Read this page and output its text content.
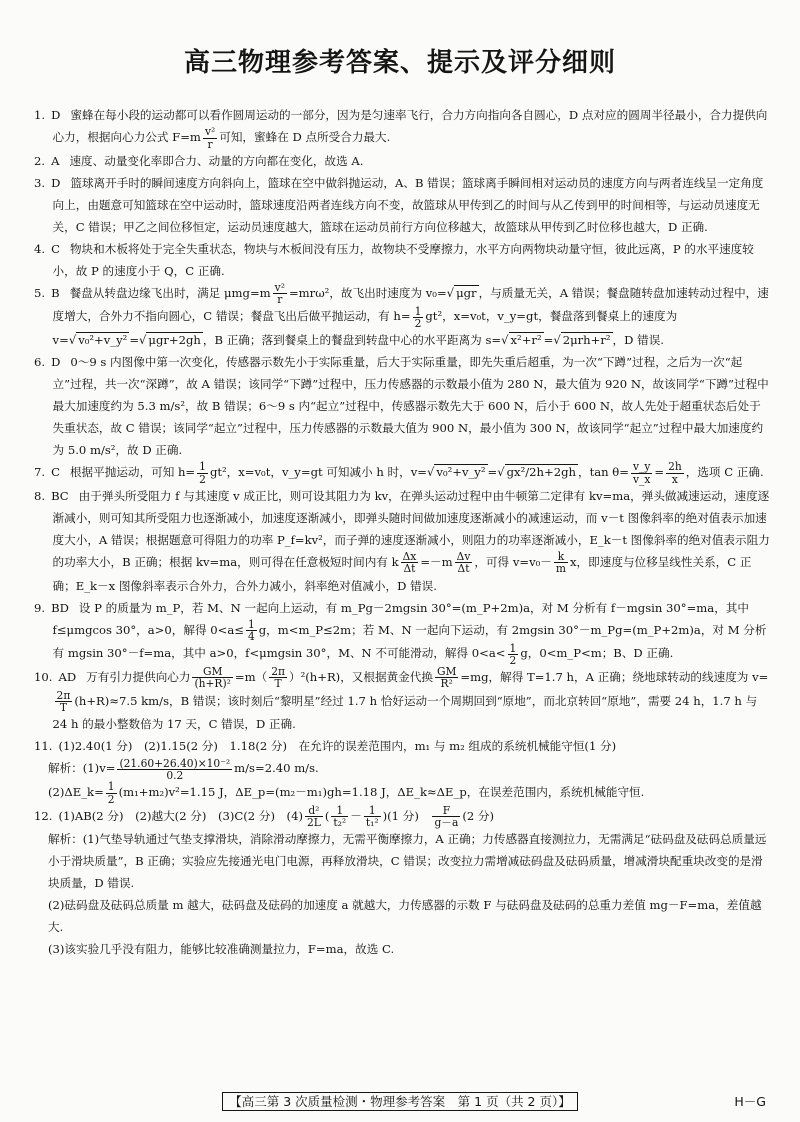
高三物理参考答案、提示及评分细则

1. D 蜜蜂在每小段的运动都可以看作圆周运动的一部分，因为是匀速率飞行，合力方向指向各自圆心，D 点对应的圆周半径最小，合力提供向心力，根据向心力公式 $F=m \frac{\text{v²}}{r}$ 可知，蜜蜂在 D 点所受合力最大.

2. A 速度、动量变化率即合力、动量的方向都在变化，故选 A.

3. D 篮球离开手时的瞬间速度方向斜向上，篮球在空中做斜抛运动，A、B 错误；篮球离手瞬间相对运动员的速度方向与两者连线呈一定角度向上，由题意可知篮球在空中运动时，篮球速度沿两者连线方向不变，故篮球从甲传到乙的时间与从乙传到甲的时间相等，与运动员速度无关，C 错误；甲乙之间位移恒定，运动员速度越大，篮球在运动员前行方向位移越大，故篮球从甲传到乙时位移也越大，D 正确.

4. C 物块和木板将处于完全失重状态，物块与木板间没有压力，故物块不受摩擦力，水平方向两物块动量守恒，彼此远离，P 的水平速度较小，故 P 的速度小于 Q，C 正确.

5. B 餐盘从转盘边缘飞出时，满足 $\mu mg=m \frac{\text{v²}}{r} =mr\omega^2$，故飞出时速度为 v₀=√ μgr ，与质量无关，A 错误；餐盘随转盘加速转动过程中，速度增大，合外力不指向圆心，C 错误；餐盘飞出后做平抛运动，有 $h= \frac{1}{2} gt^2$，x=v₀t，v_y=gt，餐盘落到餐桌上的速度为 v=√ v₀²+v_y² =√ μgr+2gh ，B 正确；落到餐桌上的餐盘到转盘中心的水平距离为 s=√ x²+r² =√ 2μrh+r² ，D 错误.

6. D 0～9 s 内图像中第一次变化，传感器示数先小于实际重量，后大于实际重量，即先失重后超重，为一次“下蹲”过程，之后为一次“起立”过程，共一次“深蹲”，故 A 错误；该同学“下蹲”过程中，压力传感器的示数最小值为 280 N，最大值为 920 N，故该同学“下蹲”过程中最大加速度约为 5.3 m/s²，故 B 错误；6～9 s 内“起立”过程中，传感器示数先大于 600 N，后小于 600 N，故人先处于超重状态后处于失重状态，故 C 错误；该同学“起立”过程中，压力传感器的示数最大值为 900 N，最小值为 300 N，故该同学“起立”过程中最大加速度约为 5.0 m/s²，故 D 正确.

7. C 根据平抛运动，可知 $h= \frac{1}{2} gt^2$，x=v₀t，v_y=gt 可知减小 h 时，v=√ v₀²+v_y² =√ gx²/2h+2gh ，$\tan \theta= \frac{v\_y}{v\_x} = \frac{2h}{x}$ ，选项 C 正确.

8. BC 由于弹头所受阻力 f 与其速度 v 成正比，则可设其阻力为 kv，在弹头运动过程中由牛顿第二定律有 kv=ma，弹头做减速运动，速度逐渐减小，则可知其所受阻力也逐渐减小，加速度逐渐减小，即弹头随时间做加速度逐渐减小的减速运动，而 v－t 图像斜率的绝对值表示加速度大小，A 错误；根据题意可得阻力的功率 P_f=kv²，而子弹的速度逐渐减小，则阻力的功率逐渐减小，E_k－t 图像斜率的绝对值表示阻力的功率大小，B 正确；根据 kv=ma，则可得在任意极短时间内有 k $\frac{\Delta x}{\Delta t} =-m \frac{\Delta v}{\Delta t}$ ，可得 $v=v_0- \frac{k}{m}$ x，即速度与位移呈线性关系，C 正确；E_k－x 图像斜率表示合外力，合外力减小，斜率绝对值减小，D 错误.

9. BD 设 P 的质量为 m_P，若 M、N 一起向上运动，有 m_Pg－2mgsin 30°=(m_P+2m)a，对 M 分析有 f－mgsin 30°=ma，其中 f≤μmgcos 30°，a>0，解得 $0<a\le \frac{1}{4}$ g，m<m_P≤2m；若 M、N 一起向下运动，有 2mgsin 30°－m_Pg=(m_P+2m)a，对 M 分析有 mgsin 30°－f=ma，其中 a>0，f<μmgsin 30°，M、N 不可能滑动，解得 $0<a< \frac{1}{2}$ g，0<m_P<m；B、D 正确.

10. AD 万有引力提供向心力 $\frac{GM}{\text{(h+R)²}} =m( \frac{2\pi}{T} )^2(h+R)$，又根据黄金代换 $\frac{GM}{\text{R²}} =mg$，解得 T=1.7 h，A 正确；绕地球转动的线速度为 v=
$\frac{2\pi}{T} (h+R)\approx 7.5$ km/s，B 错误；该时刻后“黎明星”经过 1.7 h 恰好运动一个周期回到“原地”，而北京转回“原地”，需要 24 h，1.7 h 与 24 h 的最小整数倍为 17 天，C 错误，D 正确.

11. (1)2.40(1 分)　(2)1.15(2 分)　1.18(2 分)　在允许的误差范围内，m₁ 与 m₂ 组成的系统机械能守恒(1 分)

解析：$(1)v= \frac{\text{(21.60+26.40)×10⁻²}}{0.2} m/s=2.40$ m/s.

(2)ΔE_k= $\frac{1}{2} (m_1+m_2)v^2=1.15$ J，ΔE_p=(m₂－m₁)gh=1.18 J，ΔE_k≈ΔE_p，在误差范围内，系统机械能守恒.

12. (1)AB(2 分)　(2)越大(2 分)　(3)C(2 分)　$(4) \frac{\text{d²}}{2L}$ ( $\frac{1}{\text{t₂²}} - \frac{1}{\text{t₁²}} )(1$ 分)　 $\frac{F}{g-a} (2$ 分)

解析：(1)气垫导轨通过气垫支撑滑块，消除滑动摩擦力，无需平衡摩擦力，A 正确；力传感器直接测拉力，无需满足“砝码盘及砝码总质量远小于滑块质量”，B 正确；实验应先接通光电门电源，再释放滑块，C 错误；改变拉力需增减砝码盘及砝码质量，增减滑块配重块改变的是滑块质量，D 错误.

(2)砝码盘及砝码总质量 m 越大，砝码盘及砝码的加速度 a 就越大，力传感器的示数 F 与砝码盘及砝码的总重力差值 mg－F=ma，差值越大.

(3)该实验几乎没有阻力，能够比较准确测量拉力，F=ma，故选 C.

【高三第 3 次质量检测・物理参考答案　第 1 页（共 2 页）】	H－G
